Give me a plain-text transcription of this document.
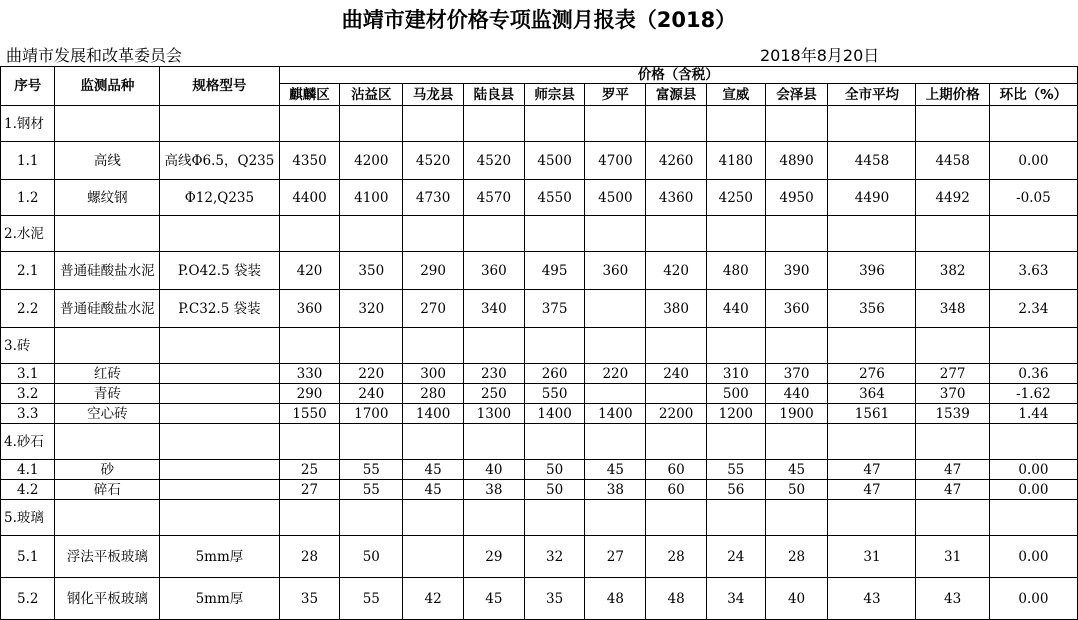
曲靖市建材价格专项监测月报表（2018）
曲靖市发展和改革委员会	2018年8月20日
序号	监测品种	规格型号	价格（含税）											
			麒麟区	沾益区	马龙县	陆良县	师宗县	罗平	富源县	宣威	会泽县	全市平均	上期价格	环比（%）
1.钢材														
1.1	高线	高线Φ6.5，Q235	4350	4200	4520	4520	4500	4700	4260	4180	4890	4458	4458	0.00
1.2	螺纹钢	Φ12,Q235	4400	4100	4730	4570	4550	4500	4360	4250	4950	4490	4492	-0.05
2.水泥														
2.1	普通硅酸盐水泥	P.O42.5 袋装	420	350	290	360	495	360	420	480	390	396	382	3.63
2.2	普通硅酸盐水泥	P.C32.5 袋装	360	320	270	340	375		380	440	360	356	348	2.34
3.砖														
3.1	红砖		330	220	300	230	260	220	240	310	370	276	277	0.36
3.2	青砖		290	240	280	250	550			500	440	364	370	-1.62
3.3	空心砖		1550	1700	1400	1300	1400	1400	2200	1200	1900	1561	1539	1.44
4.砂石														
4.1	砂		25	55	45	40	50	45	60	55	45	47	47	0.00
4.2	碎石		27	55	45	38	50	38	60	56	50	47	47	0.00
5.玻璃														
5.1	浮法平板玻璃	5mm厚	28	50		29	32	27	28	24	28	31	31	0.00
5.2	钢化平板玻璃	5mm厚	35	55	42	45	35	48	48	34	40	43	43	0.00
